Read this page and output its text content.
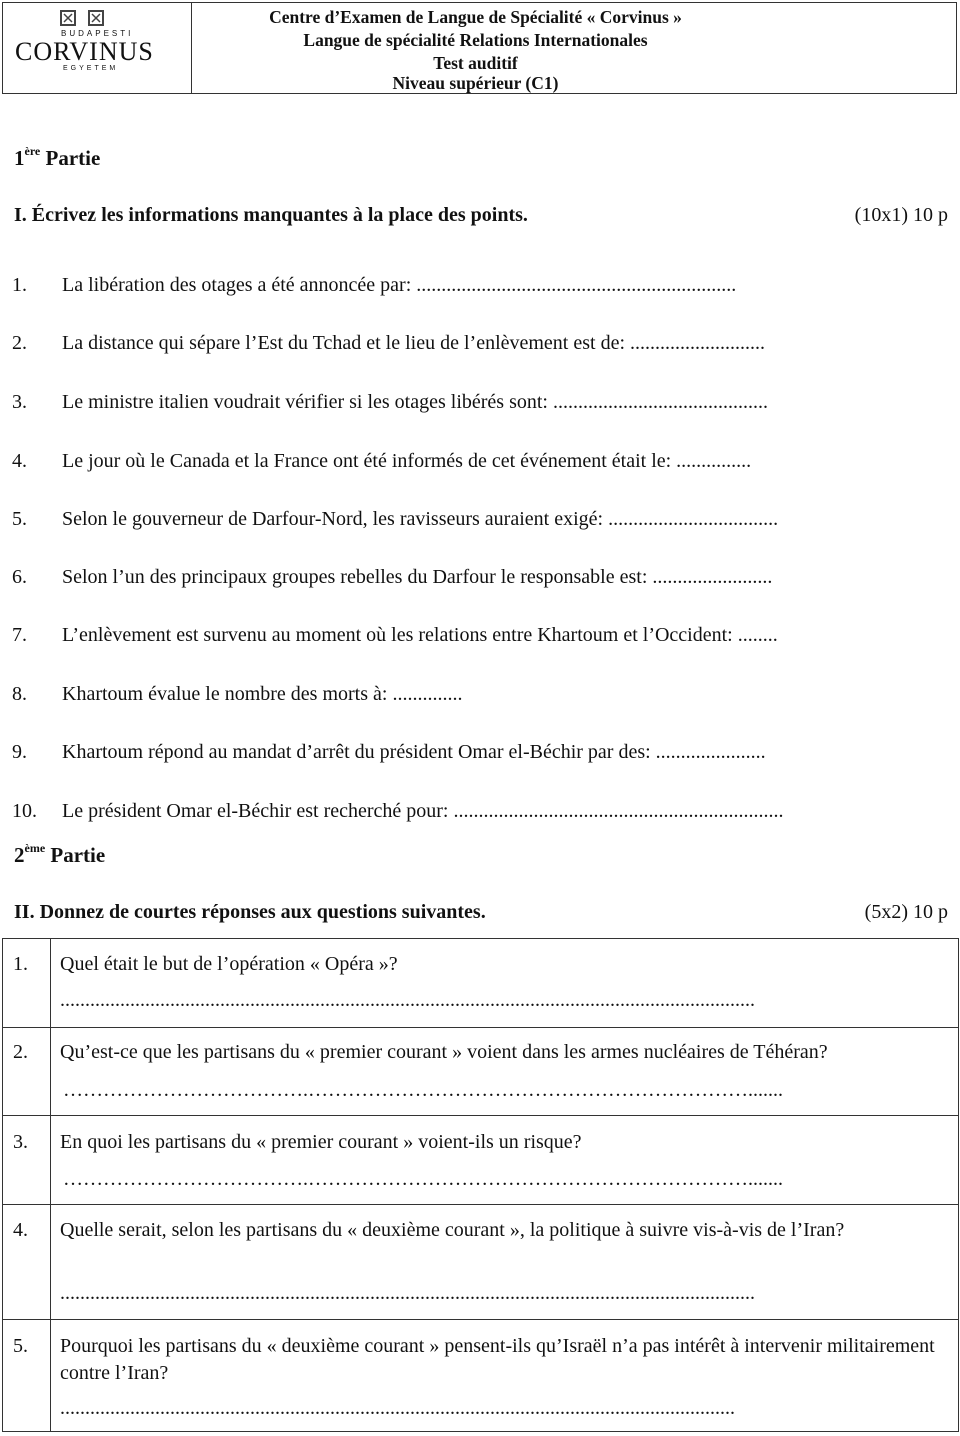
BUDAPESTI
CORVINUS
EGYETEM
Centre d’Examen de Langue de Spécialité « Corvinus »
Langue de spécialité Relations Internationales
Test auditif
Niveau supérieur (C1)
1ère Partie
I. Écrivez les informations manquantes à la place des points.	(10x1) 10 p
1. La libération des otages a été annoncée par: ................................................................
2. La distance qui sépare l’Est du Tchad et le lieu de l’enlèvement est de: ...........................
3. Le ministre italien voudrait vérifier si les otages libérés sont: ...........................................
4. Le jour où le Canada et la France ont été informés de cet événement était le: ...............
5. Selon le gouverneur de Darfour-Nord, les ravisseurs auraient exigé: ..................................
6. Selon l’un des principaux groupes rebelles du Darfour le responsable est: ........................
7. L’enlèvement est survenu au moment où les relations entre Khartoum et l’Occident: ........
8. Khartoum évalue le nombre des morts à: ..............
9. Khartoum répond au mandat d’arrêt du président Omar el-Béchir par des: ......................
10. Le président Omar el-Béchir est recherché pour: ..................................................................
2ème Partie
II. Donnez de courtes réponses aux questions suivantes.	(5x2) 10 p
1. Quel était le but de l’opération « Opéra »?
...........................................................................................................................................
2. Qu’est-ce que les partisans du « premier courant » voient dans les armes nucléaires de Téhéran?
……………………………….………………………………………………………….......
3. En quoi les partisans du « premier courant » voient-ils un risque?
……………………………….………………………………………………………….......
4. Quelle serait, selon les partisans du « deuxième courant », la politique à suivre vis-à-vis de l’Iran?
...........................................................................................................................................
5. Pourquoi les partisans du « deuxième courant » pensent-ils qu’Israël n’a pas intérêt à intervenir militairement contre l’Iran?
.......................................................................................................................................
